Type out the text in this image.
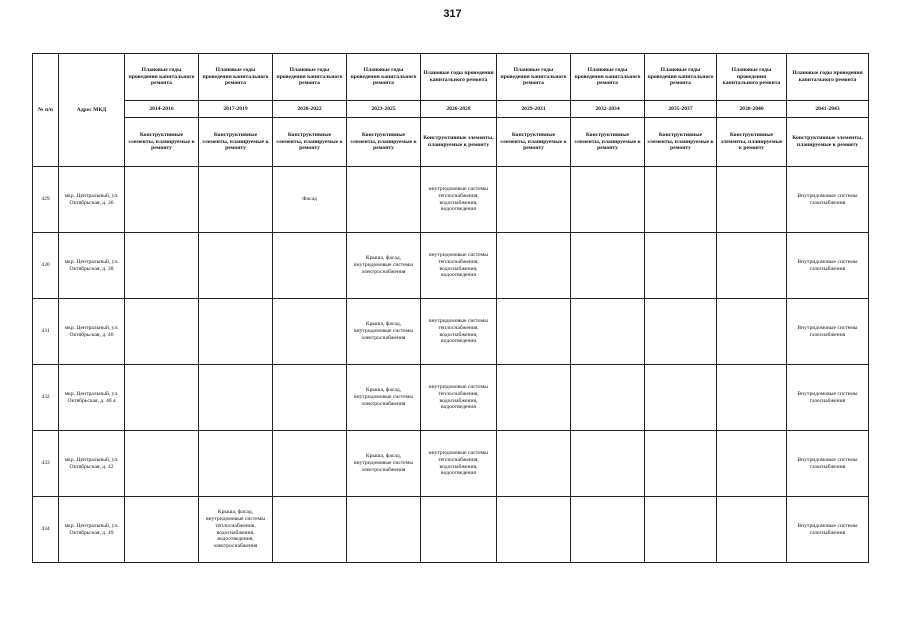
317
№ п/п	Адрес МКД	Плановые годы проведения капитального ремонта	Плановые годы проведения капитального ремонта	Плановые годы проведения капитального ремонта	Плановые годы проведения капитального ремонта	Плановые годы проведения капитального ремонта	Плановые годы проведения капитального ремонта	Плановые годы проведения капитального ремонта	Плановые годы проведения капитального ремонта	Плановые годы проведения капитального ремонта	Плановые годы проведения капитального ремонта
		2014-2016	2017-2019	2020-2022	2023-2025	2026-2028	2029-2031	2032-2034	2035-2037	2038-2040	2041-2043
		Конструктивные элементы, планируемые к ремонту	Конструктивные элементы, планируемые к ремонту	Конструктивные элементы, планируемые к ремонту	Конструктивные элементы, планируемые к ремонту	Конструктивные элементы, планируемые к ремонту	Конструктивные элементы, планируемые к ремонту	Конструктивные элементы, планируемые к ремонту	Конструктивные элементы, планируемые к ремонту	Конструктивные элементы, планируемые к ремонту	Конструктивные элементы, планируемые к ремонту
429	мкр. Центральный, ул. Октябрьская, д. 36			Фасад		внутридомовые системы теплоснабжения, водоснабжения, водоотведения					Внутридомовые системы газоснабжения
430	мкр. Центральный, ул. Октябрьская, д. 38				Крыша, фасад, внутридомовые системы электроснабжения	внутридомовые системы теплоснабжения, водоснабжения, водоотведения					Внутридомовые системы газоснабжения
431	мкр. Центральный, ул. Октябрьская, д. 40				Крыша, фасад, внутридомовые системы электроснабжения	внутридомовые системы теплоснабжения, водоснабжения, водоотведения					Внутридомовые системы газоснабжения
432	мкр. Центральный, ул. Октябрьская, д. 40 а				Крыша, фасад, внутридомовые системы электроснабжения	внутридомовые системы теплоснабжения, водоснабжения, водоотведения					Внутридомовые системы газоснабжения
433	мкр. Центральный, ул. Октябрьская, д. 42				Крыша, фасад, внутридомовые системы электроснабжения	внутридомовые системы теплоснабжения, водоснабжения, водоотведения					Внутридомовые системы газоснабжения
434	мкр. Центральный, ул. Октябрьская, д. 49		Крыша, фасад, внутридомовые системы теплоснабжения, водоснабжения, водоотведения, электроснабжения								Внутридомовые системы газоснабжения
